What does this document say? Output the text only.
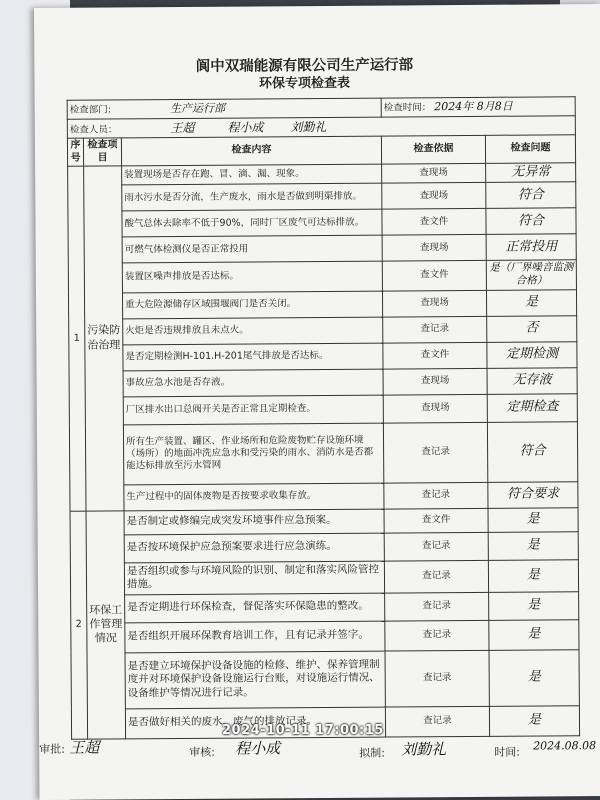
阆中双瑞能源有限公司生产运行部
环保专项检查表
检查部门: 生产运行部			检查时间： 2024年 8月8日	
检查人员： 王超 程小成 刘勤礼				
序号	检查项目	检查内容	检查依据	检查问题
1	污染防治治理	装置现场是否存在跑、冒、滴、漏、现象。	查现场	无异常
		雨水污水是否分流，生产废水，雨水是否做到明渠排放。	查现场	符合
		酸气总体去除率不低于90%，同时厂区废气可达标排放。	查文件	符合
		可燃气体检测仪是否正常投用	查现场	正常投用
		装置区噪声排放是否达标。	查文件	是（厂界噪音监测合格）
		重大危险源储存区域围堰阀门是否关闭。	查现场	是
		火炬是否违规排放且未点火。	查记录	否
		是否定期检测H-101.H-201尾气排放是否达标。	查文件	定期检测
		事故应急水池是否存液。	查现场	无存液
		厂区排水出口总阀开关是否正常且定期检查。	查现场	定期检查
		所有生产装置、罐区、作业场所和危险废物贮存设施环境 （场所）的地面冲洗应急水和受污染的雨水、消防水是否都能达标排放至污水管网	查记录	符合
		生产过程中的固体废物是否按要求收集存放。	查记录	符合要求
2	环保工作管理情况	是否制定或修编完成突发环境事件应急预案。	查文件	是
		是否按环境保护应急预案要求进行应急演练。	查记录	是
		是否组织或参与环境风险的识别、制定和落实风险管控措施。	查记录	是
		是否定期进行环保检查，督促落实环保隐患的整改。	查记录	是
		是否组织开展环保教育培训工作，且有记录并签字。	查记录	是
		是否建立环境保护设备设施的检修、维护、保养管理制度并对环境保护设备设施运行台账，对设施运行情况、设备维护等情况进行记录。	查记录	是
		是否做好相关的废水、废气的排放记录。	查记录	是
审批: 王超	审核: 程小成	拟制: 刘勤礼	时间: 2024.08.08
2024-10-11 17:00:15
